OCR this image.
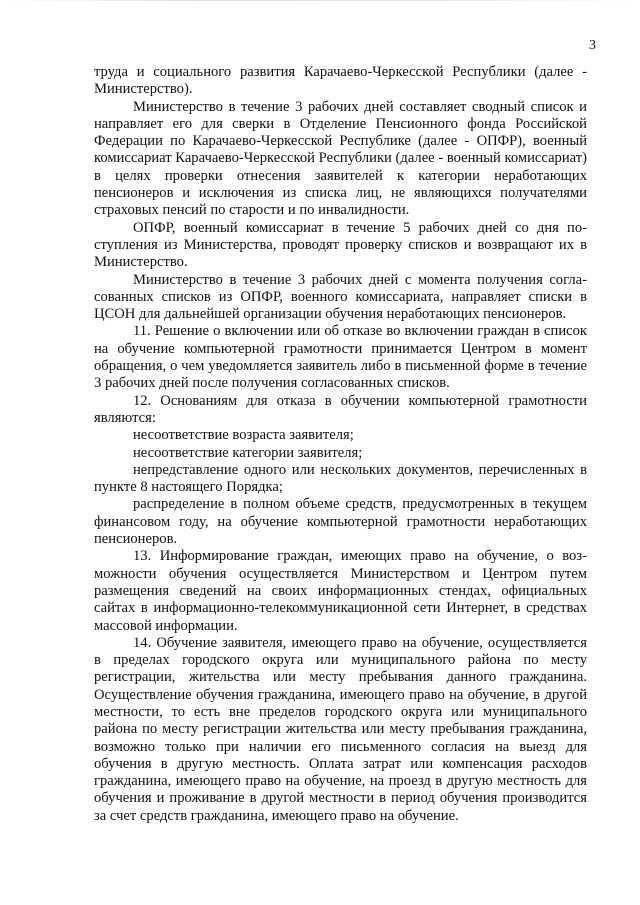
3

труда и социального развития Карачаево-Черкесской Республики (далее - Министерство).

Министерство в течение 3 рабочих дней составляет сводный список и направляет его для сверки в Отделение Пенсионного фонда Российской Федерации по Карачаево-Черкесской Республике (далее - ОПФР), военный комиссариат Карачаево-Черкесской Республики (далее - военный комиссариат) в целях проверки отнесения заявителей к категории неработающих пенсионеров и исключения из списка лиц, не являющихся получателями страховых пенсий по старости и по инвалидности.

ОПФР, военный комиссариат в течение 5 рабочих дней со дня поступления из Министерства, проводят проверку списков и возвращают их в Министерство.

Министерство в течение 3 рабочих дней с момента получения согласованных списков из ОПФР, военного комиссариата, направляет списки в ЦСОН для дальнейшей организации обучения неработающих пенсионеров.

11. Решение о включении или об отказе во включении граждан в список на обучение компьютерной грамотности принимается Центром в момент обращения, о чем уведомляется заявитель либо в письменной форме в течение 3 рабочих дней после получения согласованных списков.

12. Основаниям для отказа в обучении компьютерной грамотности являются:

несоответствие возраста заявителя;

несоответствие категории заявителя;

непредставление одного или нескольких документов, перечисленных в пункте 8 настоящего Порядка;

распределение в полном объеме средств, предусмотренных в текущем финансовом году, на обучение компьютерной грамотности неработающих пенсионеров.

13. Информирование граждан, имеющих право на обучение, о возможности обучения осуществляется Министерством и Центром путем размещения сведений на своих информационных стендах, официальных сайтах в информационно-телекоммуникационной сети Интернет, в средствах массовой информации.

14. Обучение заявителя, имеющего право на обучение, осуществляется в пределах городского округа или муниципального района по месту регистрации, жительства или месту пребывания данного гражданина. Осуществление обучения гражданина, имеющего право на обучение, в другой местности, то есть вне пределов городского округа или муниципального района по месту регистрации жительства или месту пребывания гражданина, возможно только при наличии его письменного согласия на выезд для обучения в другую местность. Оплата затрат или компенсация расходов гражданина, имеющего право на обучение, на проезд в другую местность для обучения и проживание в другой местности в период обучения производится за счет средств гражданина, имеющего право на обучение.
